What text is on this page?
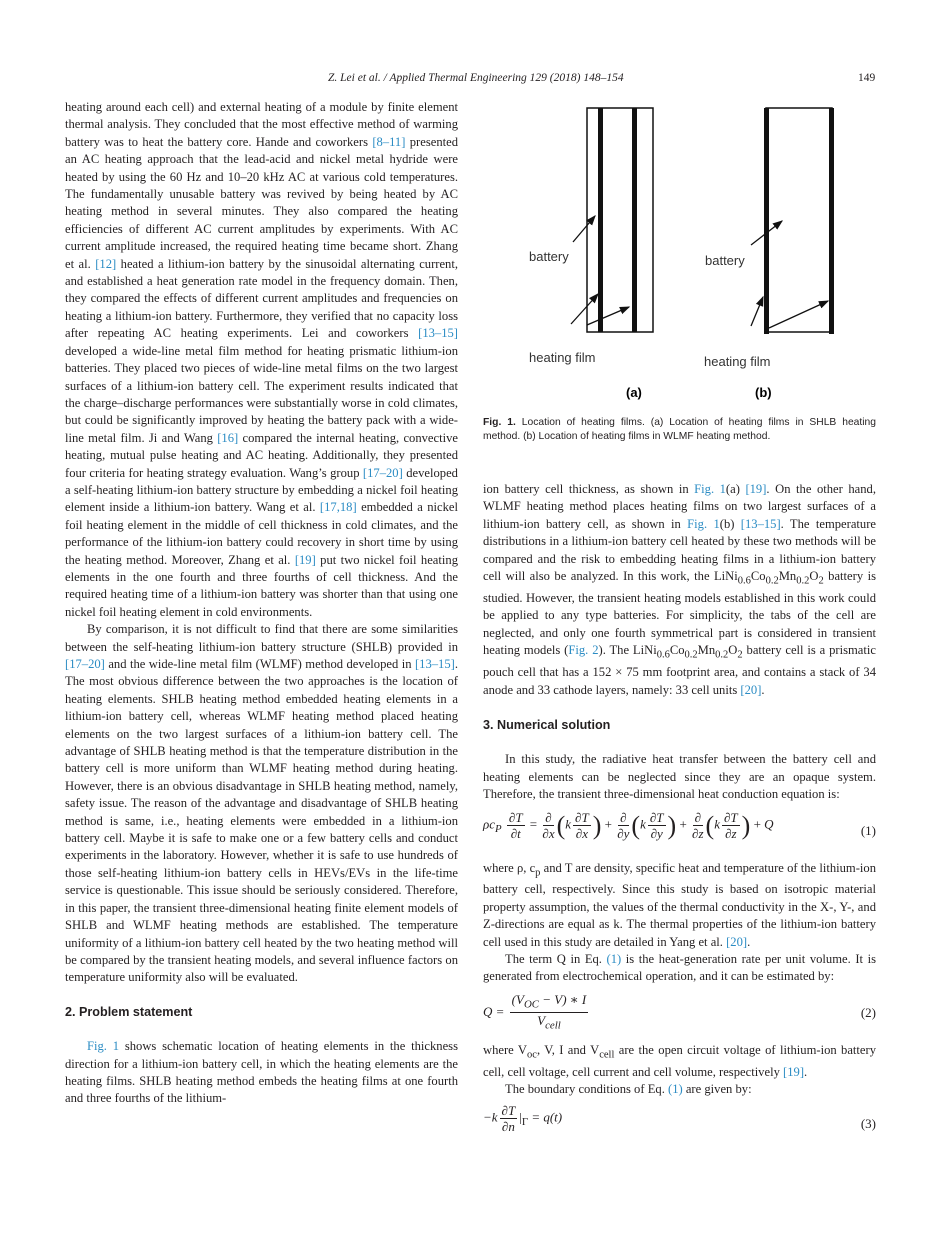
Z. Lei et al. / Applied Thermal Engineering 129 (2018) 148–154	149

heating around each cell) and external heating of a module by finite element thermal analysis. They concluded that the most effective method of warming battery was to heat the battery core. Hande and coworkers [8–11] presented an AC heating approach that the lead-acid and nickel metal hydride were heated by using the 60 Hz and 10–20 kHz AC at various cold temperatures. The fundamentally unusable battery was revived by being heated by AC heating method in several minutes. They also compared the heating efficiencies of different AC current amplitudes by experiments. With AC current amplitude increased, the required heating time became short. Zhang et al. [12] heated a lithium-ion battery by the sinusoidal alternating current, and established a heat generation rate model in the frequency domain. Then, they compared the effects of different current amplitudes and frequencies on heating a lithium-ion battery. Furthermore, they verified that no capacity loss after repeating AC heating experiments. Lei and coworkers [13–15] developed a wide-line metal film method for heating prismatic lithium-ion batteries. They placed two pieces of wide-line metal films on the two largest surfaces of a lithium-ion battery cell. The experiment results indicated that the charge–discharge performances were substantially worse in cold climates, but could be significantly improved by heating the battery pack with a wide-line metal film. Ji and Wang [16] compared the internal heating, convective heating, mutual pulse heating and AC heating. Additionally, they presented four criteria for heating strategy evaluation. Wang’s group [17–20] developed a self-heating lithium-ion battery structure by embedding a nickel foil heating element inside a lithium-ion battery. Wang et al. [17,18] embedded a nickel foil heating element in the middle of cell thickness in cold climates, and the performance of the lithium-ion battery could recovery in short time by using the heating method. Moreover, Zhang et al. [19] put two nickel foil heating elements in the one fourth and three fourths of cell thickness. And the required heating time of a lithium-ion battery was shorter than that using one nickel foil heating element in cold environments.

By comparison, it is not difficult to find that there are some similarities between the self-heating lithium-ion battery structure (SHLB) provided in [17–20] and the wide-line metal film (WLMF) method developed in [13–15]. The most obvious difference between the two approaches is the location of heating elements. SHLB heating method embedded heating elements in a lithium-ion battery cell, whereas WLMF heating method placed heating elements on the two largest surfaces of a lithium-ion battery cell. The advantage of SHLB heating method is that the temperature distribution in the battery cell is more uniform than WLMF heating method during heating. However, there is an obvious disadvantage in SHLB heating method, namely, safety issue. The reason of the advantage and disadvantage of SHLB heating method is same, i.e., heating elements were embedded in a lithium-ion battery cell. Maybe it is safe to make one or a few battery cells and conduct experiments in the laboratory. However, whether it is safe to use hundreds of those self-heating lithium-ion battery cells in HEVs/EVs in the life-time service is questionable. This issue should be seriously considered. Therefore, in this paper, the transient three-dimensional heating finite element models of SHLB and WLMF heating methods are established. The temperature uniformity of a lithium-ion battery cell heated by the two heating method will be compared by the transient heating models, and several influence factors on temperature uniformity also will be evaluated.

2. Problem statement

Fig. 1 shows schematic location of heating elements in the thickness direction for a lithium-ion battery cell, in which the heating elements are the heating films. SHLB heating method embeds the heating films at one fourth and three fourths of the lithium-

battery
heating film
(a)
battery
heating film
(b)
Fig. 1. Location of heating films. (a) Location of heating films in SHLB heating method. (b) Location of heating films in WLMF heating method.

ion battery cell thickness, as shown in Fig. 1(a) [19]. On the other hand, WLMF heating method places heating films on two largest surfaces of a lithium-ion battery cell, as shown in Fig. 1(b) [13–15]. The temperature distributions in a lithium-ion battery cell heated by these two methods will be compared and the risk to embedding heating films in a lithium-ion battery cell will also be analyzed. In this work, the $LiNi_{0.6}Co_{0.2}Mn_{0.2}O_2$ battery is studied. However, the transient heating models established in this work could be applied to any type batteries. For simplicity, the tabs of the cell are neglected, and only one fourth symmetrical part is considered in transient heating models (Fig. 2). The $LiNi_{0.6}Co_{0.2}Mn_{0.2}O_2$ battery cell is a prismatic pouch cell that has a 152 × 75 mm footprint area, and contains a stack of 34 anode and 33 cathode layers, namely: 33 cell units [20].

3. Numerical solution

In this study, the radiative heat transfer between the battery cell and heating elements can be neglected since they are an opaque system. Therefore, the transient three-dimensional heat conduction equation is:

$\rho c_P \frac{\partial T}{\partial t} = \frac{\partial}{\partial x} (k \frac{\partial T}{\partial x}$ ) + $\frac{\partial}{\partial y} (k \frac{\partial T}{\partial y}$ ) + $\frac{\partial}{\partial z} (k \frac{\partial T}{\partial z}$ ) + Q	(1)

where ρ, $c_p$ and T are density, specific heat and temperature of the lithium-ion battery cell, respectively. Since this study is based on isotropic material property assumption, the values of the thermal conductivity in the X-, Y-, and Z-directions are equal as k. The thermal properties of the lithium-ion battery cell used in this study are detailed in Yang et al. [20].

The term Q in Eq. (1) is the heat-generation rate per unit volume. It is generated from electrochemical operation, and it can be estimated by:

$Q = \frac{(V_{OC} - V) ∗ I}{V_{cell}}$	(2)

where $V_{oc}$, V, I and $V_{cell}$ are the open circuit voltage of lithium-ion battery cell, cell voltage, cell current and cell volume, respectively [19].

The boundary conditions of Eq. (1) are given by:

$-k \frac{\partial T}{\partial n} |_\Gamma = q(t)$	(3)
